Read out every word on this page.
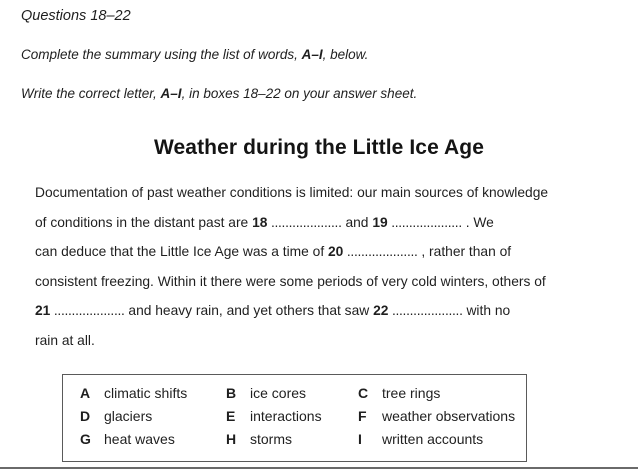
Questions 18–22
Complete the summary using the list of words, A–I, below.
Write the correct letter, A–I, in boxes 18–22 on your answer sheet.
Weather during the Little Ice Age
Documentation of past weather conditions is limited: our main sources of knowledge
of conditions in the distant past are 18 .................... and 19 .................... . We
can deduce that the Little Ice Age was a time of 20 .................... , rather than of
consistent freezing. Within it there were some periods of very cold winters, others of
21 .................... and heavy rain, and yet others that saw 22 .................... with no
rain at all.
A climatic shifts	B ice cores	C tree rings
D glaciers	E interactions	F weather observations
G heat waves	H storms	I written accounts
